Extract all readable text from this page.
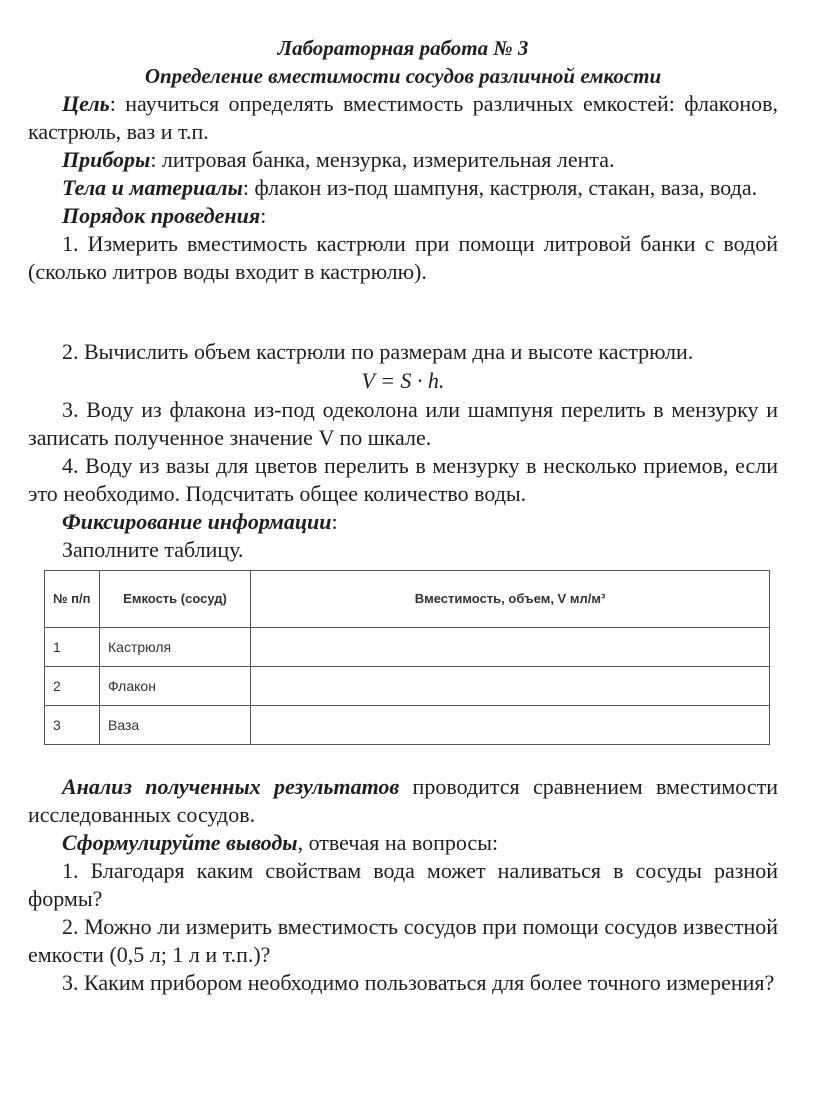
Лабораторная работа № 3

Определение вместимости сосудов различной емкости

Цель: научиться определять вместимость различных емкостей: флаконов, кастрюль, ваз и т.п.

Приборы: литровая банка, мензурка, измерительная лента.

Тела и материалы: флакон из-под шампуня, кастрюля, стакан, ваза, вода.

Порядок проведения:

1. Измерить вместимость кастрюли при помощи литровой банки с водой (сколько литров воды входит в кастрюлю).

2. Вычислить объем кастрюли по размерам дна и высоте кастрюли.

V = S · h.

3. Воду из флакона из-под одеколона или шампуня перелить в мензурку и записать полученное значение V по шкале.

4. Воду из вазы для цветов перелить в мензурку в несколько приемов, если это необходимо. Подсчитать общее количество воды.

Фиксирование информации:

Заполните таблицу.

№ п/п	Емкость (сосуд)	Вместимость, объем, V мл/м³
1	Кастрюля	
2	Флакон	
3	Ваза	

Анализ полученных результатов проводится сравнением вместимости исследованных сосудов.

Сформулируйте выводы, отвечая на вопросы:

1. Благодаря каким свойствам вода может наливаться в сосуды разной формы?

2. Можно ли измерить вместимость сосудов при помощи сосудов известной емкости (0,5 л; 1 л и т.п.)?

3. Каким прибором необходимо пользоваться для более точного измерения?
